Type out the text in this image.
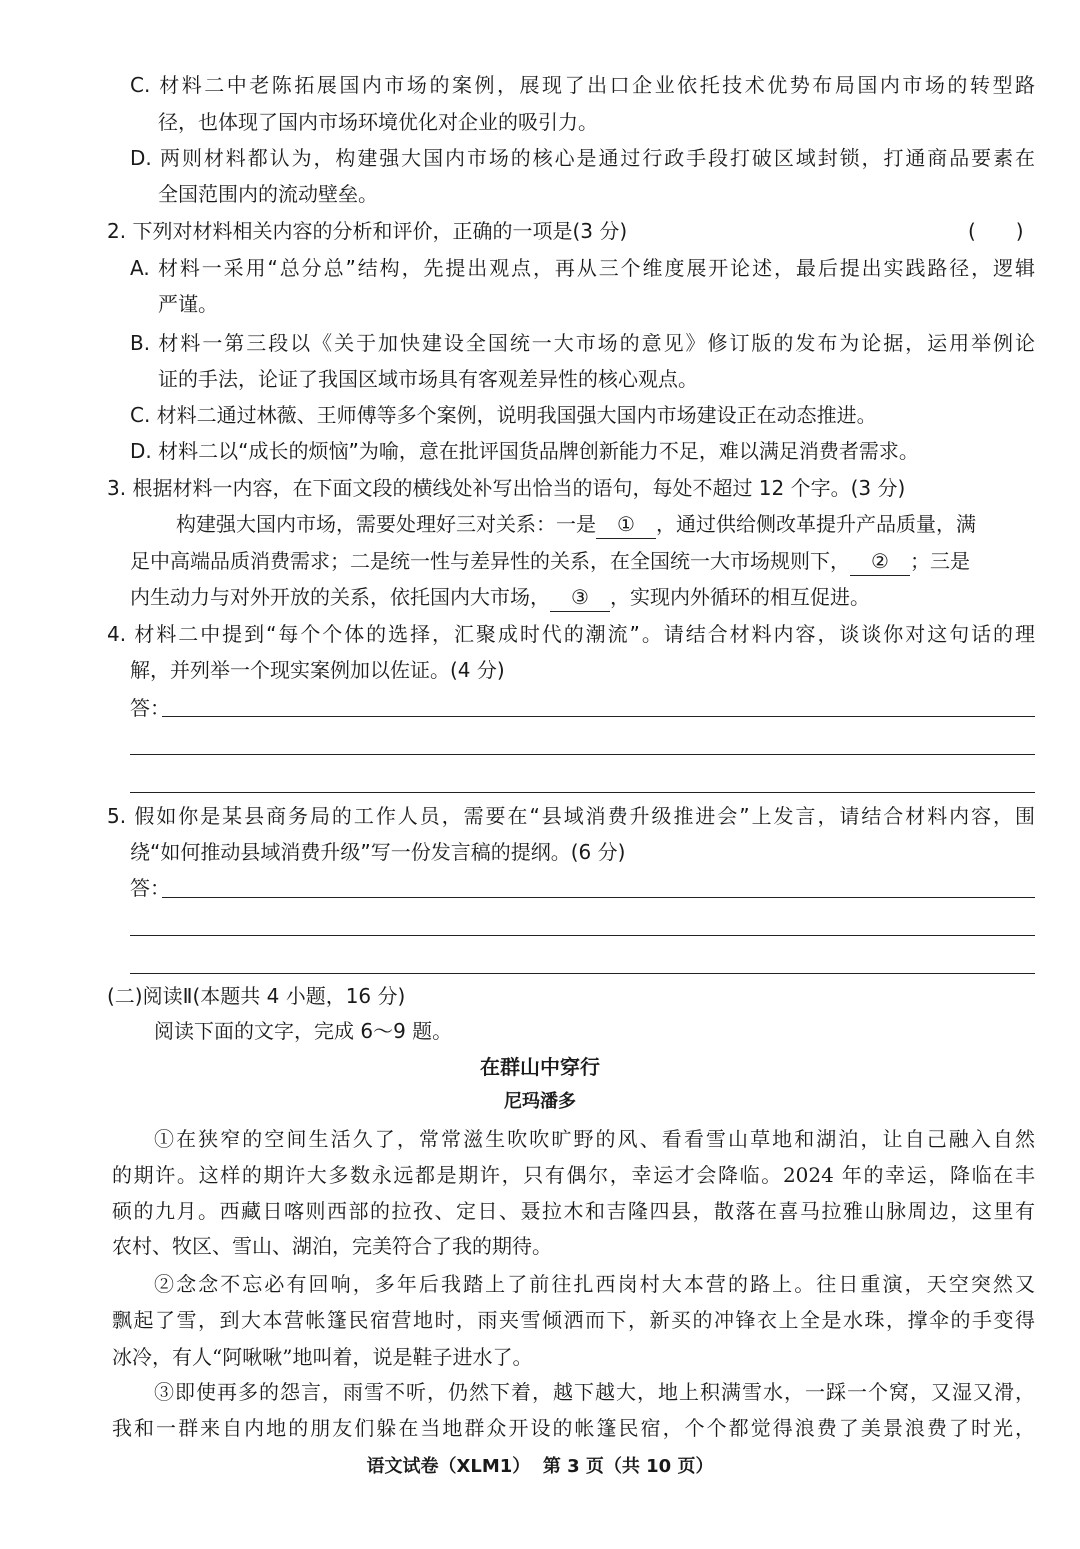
C. 材料二中老陈拓展国内市场的案例，展现了出口企业依托技术优势布局国内市场的转型路
径，也体现了国内市场环境优化对企业的吸引力。
D. 两则材料都认为，构建强大国内市场的核心是通过行政手段打破区域封锁，打通商品要素在
全国范围内的流动壁垒。
2. 下列对材料相关内容的分析和评价，正确的一项是(3 分)	(　　)
A. 材料一采用“总分总”结构，先提出观点，再从三个维度展开论述，最后提出实践路径，逻辑
严谨。
B. 材料一第三段以《关于加快建设全国统一大市场的意见》修订版的发布为论据，运用举例论
证的手法，论证了我国区域市场具有客观差异性的核心观点。
C. 材料二通过林薇、王师傅等多个案例，说明我国强大国内市场建设正在动态推进。
D. 材料二以“成长的烦恼”为喻，意在批评国货品牌创新能力不足，难以满足消费者需求。
3. 根据材料一内容，在下面文段的横线处补写出恰当的语句，每处不超过 12 个字。(3 分)
构建强大国内市场，需要处理好三对关系：一是 ① ，通过供给侧改革提升产品质量，满
足中高端品质消费需求；二是统一性与差异性的关系，在全国统一大市场规则下， ② ；三是
内生动力与对外开放的关系，依托国内大市场， ③ ，实现内外循环的相互促进。
4. 材料二中提到“每个个体的选择，汇聚成时代的潮流”。请结合材料内容，谈谈你对这句话的理
解，并列举一个现实案例加以佐证。(4 分)
答：
5. 假如你是某县商务局的工作人员，需要在“县域消费升级推进会”上发言，请结合材料内容，围
绕“如何推动县域消费升级”写一份发言稿的提纲。(6 分)
答：
(二)阅读Ⅱ(本题共 4 小题，16 分)
阅读下面的文字，完成 6～9 题。
在群山中穿行
尼玛潘多
①在狭窄的空间生活久了，常常滋生吹吹旷野的风、看看雪山草地和湖泊，让自己融入自然
的期许。这样的期许大多数永远都是期许，只有偶尔，幸运才会降临。2024 年的幸运，降临在丰
硕的九月。西藏日喀则西部的拉孜、定日、聂拉木和吉隆四县，散落在喜马拉雅山脉周边，这里有
农村、牧区、雪山、湖泊，完美符合了我的期待。
②念念不忘必有回响，多年后我踏上了前往扎西岗村大本营的路上。往日重演，天空突然又
飘起了雪，到大本营帐篷民宿营地时，雨夹雪倾洒而下，新买的冲锋衣上全是水珠，撑伞的手变得
冰冷，有人“阿啾啾”地叫着，说是鞋子进水了。
③即使再多的怨言，雨雪不听，仍然下着，越下越大，地上积满雪水，一踩一个窝，又湿又滑，
我和一群来自内地的朋友们躲在当地群众开设的帐篷民宿，个个都觉得浪费了美景浪费了时光，
语文试卷（XLM1）  第 3 页（共 10 页）
